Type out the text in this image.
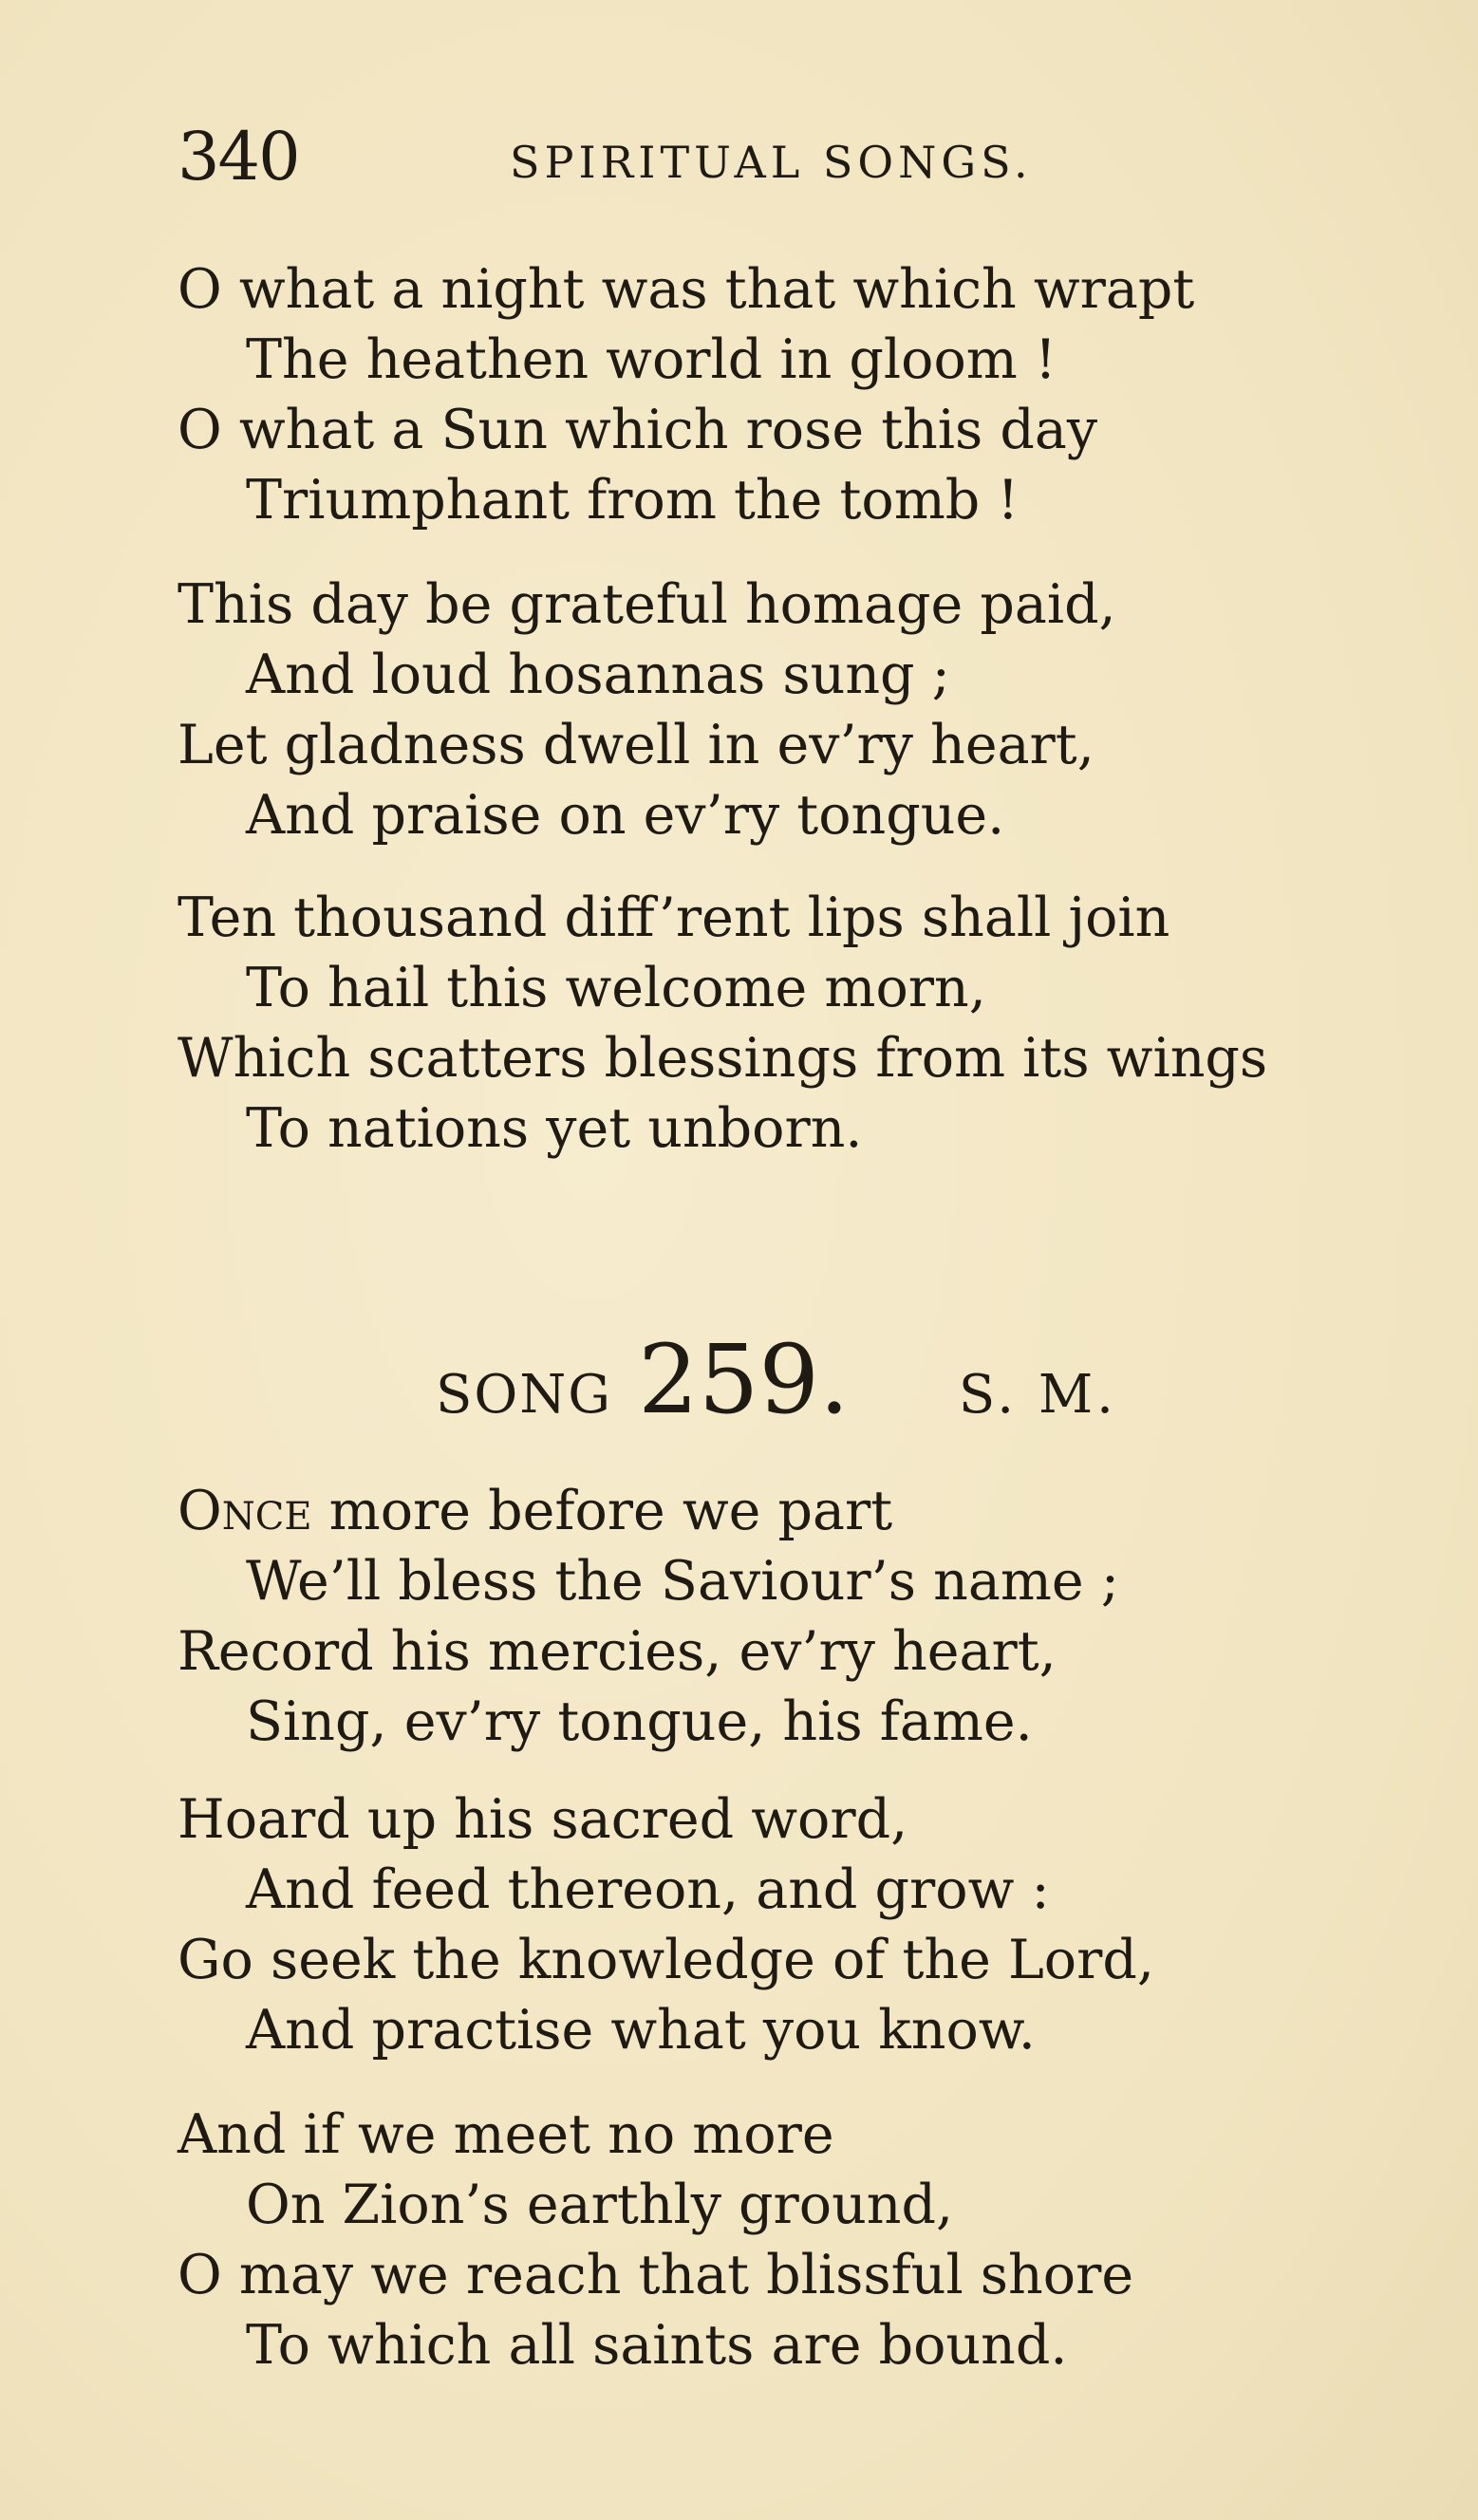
340	SPIRITUAL SONGS.
O what a night was that which wrapt
The heathen world in gloom !
O what a Sun which rose this day
Triumphant from the tomb !
This day be grateful homage paid,
And loud hosannas sung ;
Let gladness dwell in ev’ry heart,
And praise on ev’ry tongue.
Ten thousand diff’rent lips shall join
To hail this welcome morn,
Which scatters blessings from its wings
To nations yet unborn.
SONG 259. S. M.
Once more before we part
We’ll bless the Saviour’s name ;
Record his mercies, ev’ry heart,
Sing, ev’ry tongue, his fame.
Hoard up his sacred word,
And feed thereon, and grow :
Go seek the knowledge of the Lord,
And practise what you know.
And if we meet no more
On Zion’s earthly ground,
O may we reach that blissful shore
To which all saints are bound.
